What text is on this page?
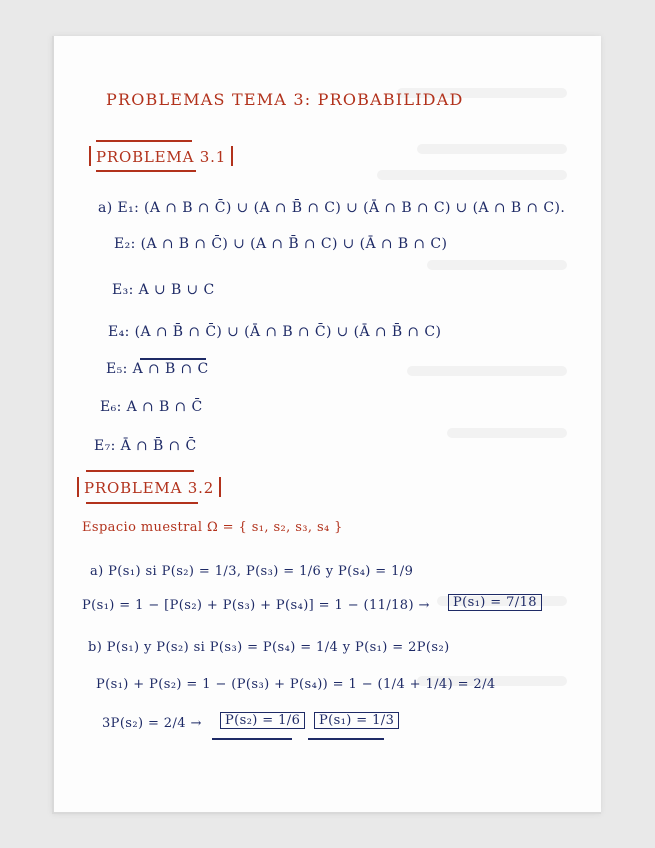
PROBLEMAS TEMA 3: PROBABILIDAD
PROBLEMA 3.1
a) E₁: (A ∩ B ∩ C̄) ∪ (A ∩ B̄ ∩ C) ∪ (Ā ∩ B ∩ C) ∪ (A ∩ B ∩ C).
E₂: (A ∩ B ∩ C̄) ∪ (A ∩ B̄ ∩ C) ∪ (Ā ∩ B ∩ C)
E₃: A ∪ B ∪ C
E₄: (A ∩ B̄ ∩ C̄) ∪ (Ā ∩ B ∩ C̄) ∪ (Ā ∩ B̄ ∩ C)
E₅: A ∩ B ∩ C
E₆: A ∩ B ∩ C̄
E₇: Ā ∩ B̄ ∩ C̄
PROBLEMA 3.2
Espacio muestral Ω = { s₁, s₂, s₃, s₄ }
a) P(s₁) si P(s₂) = 1/3, P(s₃) = 1/6 y P(s₄) = 1/9
P(s₁) = 1 − [P(s₂) + P(s₃) + P(s₄)] = 1 − (11/18) →	P(s₁) = 7/18
b) P(s₁) y P(s₂) si P(s₃) = P(s₄) = 1/4 y P(s₁) = 2P(s₂)
P(s₁) + P(s₂) = 1 − (P(s₃) + P(s₄)) = 1 − (1/4 + 1/4) = 2/4
3P(s₂) = 2/4 →	P(s₂) = 1/6	P(s₁) = 1/3
